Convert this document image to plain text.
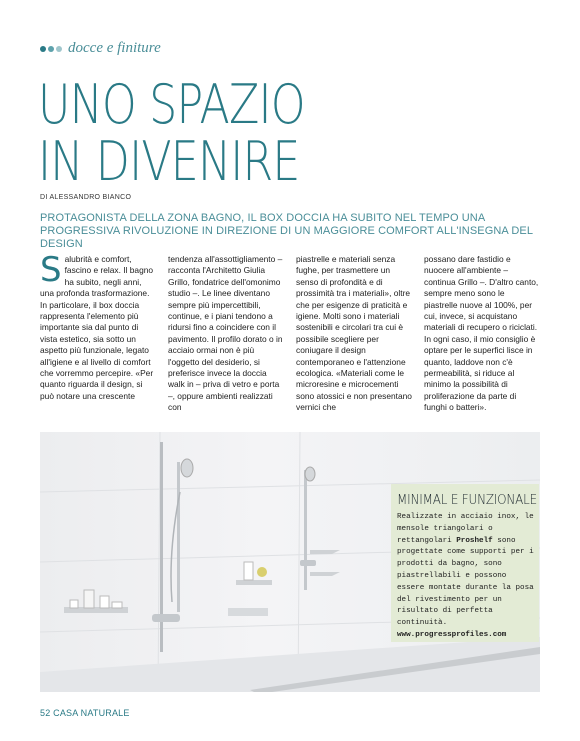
docce e finiture
UNO SPAZIO
IN DIVENIRE
DI ALESSANDRO BIANCO

PROTAGONISTA DELLA ZONA BAGNO, IL BOX DOCCIA HA SUBITO NEL TEMPO UNA PROGRESSIVA RIVOLUZIONE IN DIREZIONE DI UN MAGGIORE COMFORT ALL'INSEGNA DEL DESIGN

Salubrità e comfort, fascino e relax. Il bagno ha subito, negli anni, una profonda trasformazione. In particolare, il box doccia rappresenta l'elemento più importante sia dal punto di vista estetico, sia sotto un aspetto più funzionale, legato all'igiene e al livello di comfort che vorremmo percepire. «Per quanto riguarda il design, si può notare una crescente

tendenza all'assottigliamento – racconta l'Architetto Giulia Grillo, fondatrice dell'omonimo studio –. Le linee diventano sempre più impercettibili, continue, e i piani tendono a ridursi fino a coincidere con il pavimento. Il profilo dorato o in acciaio ormai non è più l'oggetto del desiderio, si preferisce invece la doccia walk in – priva di vetro e porta –, oppure ambienti realizzati con

piastrelle e materiali senza fughe, per trasmettere un senso di profondità e di prossimità tra i materiali», oltre che per esigenze di praticità e igiene. Molti sono i materiali sostenibili e circolari tra cui è possibile scegliere per coniugare il design contemporaneo e l'attenzione ecologica. «Materiali come le microresine e microcementi sono atossici e non presentano vernici che

possano dare fastidio e nuocere all'ambiente – continua Grillo –. D'altro canto, sempre meno sono le piastrelle nuove al 100%, per cui, invece, si acquistano materiali di recupero o riciclati. In ogni caso, il mio consiglio è optare per le superfici lisce in quanto, laddove non c'è permeabilità, si riduce al minimo la possibilità di proliferazione da parte di funghi o batteri».

MINIMAL E FUNZIONALE

Realizzate in acciaio inox, le mensole triangolari o rettangolari Proshelf sono progettate come supporti per i prodotti da bagno, sono piastrellabili e possono essere montate durante la posa del rivestimento per un risultato di perfetta continuità.
www.progressprofiles.com

52 CASA NATURALE
